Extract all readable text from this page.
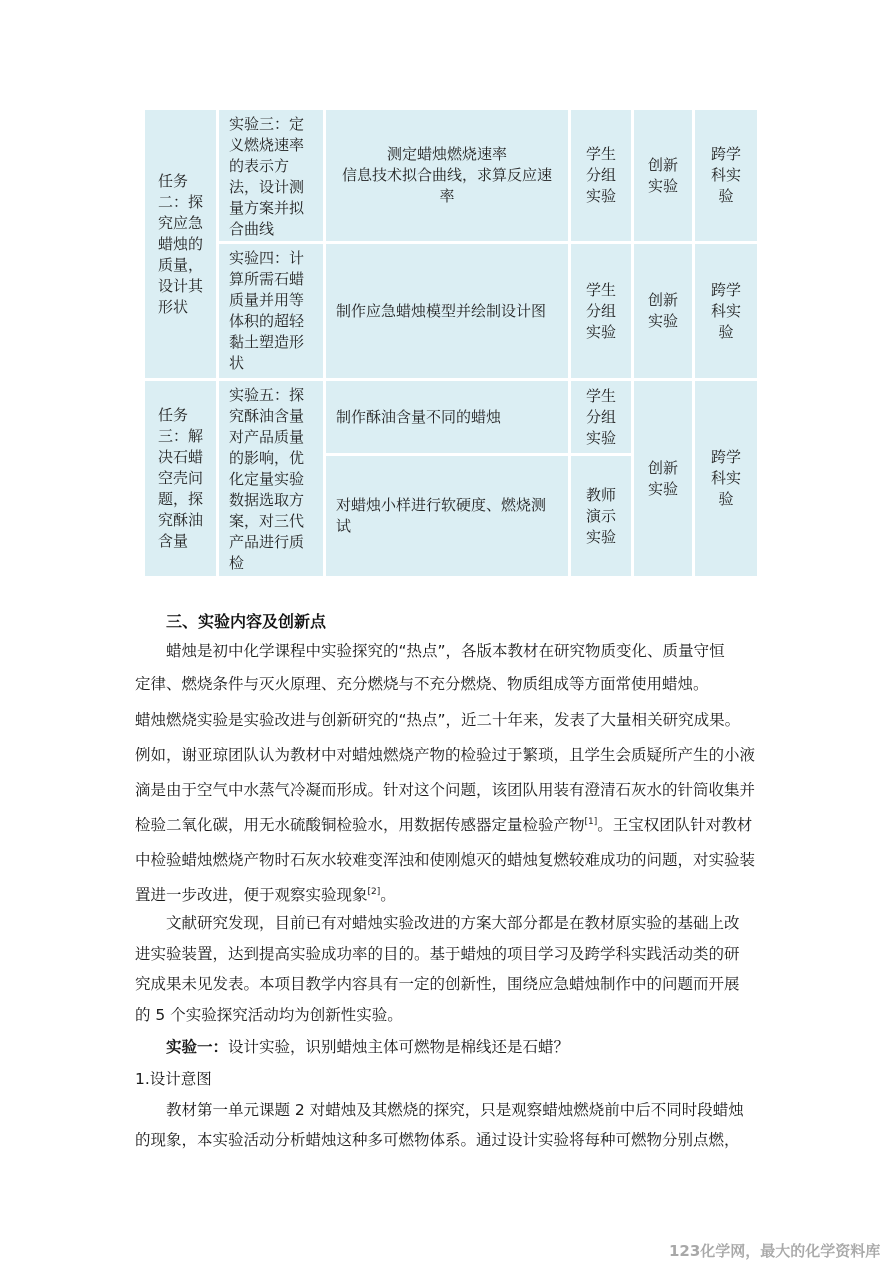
任务
二：探
究应急
蜡烛的
质量，
设计其
形状
实验三：定
义燃烧速率
的表示方
法，设计测
量方案并拟
合曲线
测定蜡烛燃烧速率
信息技术拟合曲线，求算反应速
率
学生
分组
实验
创新
实验
跨学
科实
验
实验四：计
算所需石蜡
质量并用等
体积的超轻
黏土塑造形
状
制作应急蜡烛模型并绘制设计图
学生
分组
实验
创新
实验
跨学
科实
验
任务
三：解
决石蜡
空壳问
题，探
究酥油
含量
实验五：探
究酥油含量
对产品质量
的影响，优
化定量实验
数据选取方
案，对三代
产品进行质
检
制作酥油含量不同的蜡烛
学生
分组
实验
对蜡烛小样进行软硬度、燃烧测
试
教师
演示
实验
创新
实验
跨学
科实
验
三、实验内容及创新点
蜡烛是初中化学课程中实验探究的“热点”，各版本教材在研究物质变化、质量守恒
定律、燃烧条件与灭火原理、充分燃烧与不充分燃烧、物质组成等方面常使用蜡烛。
蜡烛燃烧实验是实验改进与创新研究的“热点”，近二十年来，发表了大量相关研究成果。
例如，谢亚琼团队认为教材中对蜡烛燃烧产物的检验过于繁琐，且学生会质疑所产生的小液
滴是由于空气中水蒸气冷凝而形成。针对这个问题，该团队用装有澄清石灰水的针筒收集并
检验二氧化碳，用无水硫酸铜检验水，用数据传感器定量检验产物[1]。王宝权团队针对教材
中检验蜡烛燃烧产物时石灰水较难变浑浊和使刚熄灭的蜡烛复燃较难成功的问题，对实验装
置进一步改进，便于观察实验现象[2]。
文献研究发现，目前已有对蜡烛实验改进的方案大部分都是在教材原实验的基础上改
进实验装置，达到提高实验成功率的目的。基于蜡烛的项目学习及跨学科实践活动类的研
究成果未见发表。本项目教学内容具有一定的创新性，围绕应急蜡烛制作中的问题而开展
的 5 个实验探究活动均为创新性实验。
实验一：设计实验，识别蜡烛主体可燃物是棉线还是石蜡？
1.设计意图
教材第一单元课题 2 对蜡烛及其燃烧的探究，只是观察蜡烛燃烧前中后不同时段蜡烛
的现象，本实验活动分析蜡烛这种多可燃物体系。通过设计实验将每种可燃物分别点燃，
123化学网，最大的化学资料库
